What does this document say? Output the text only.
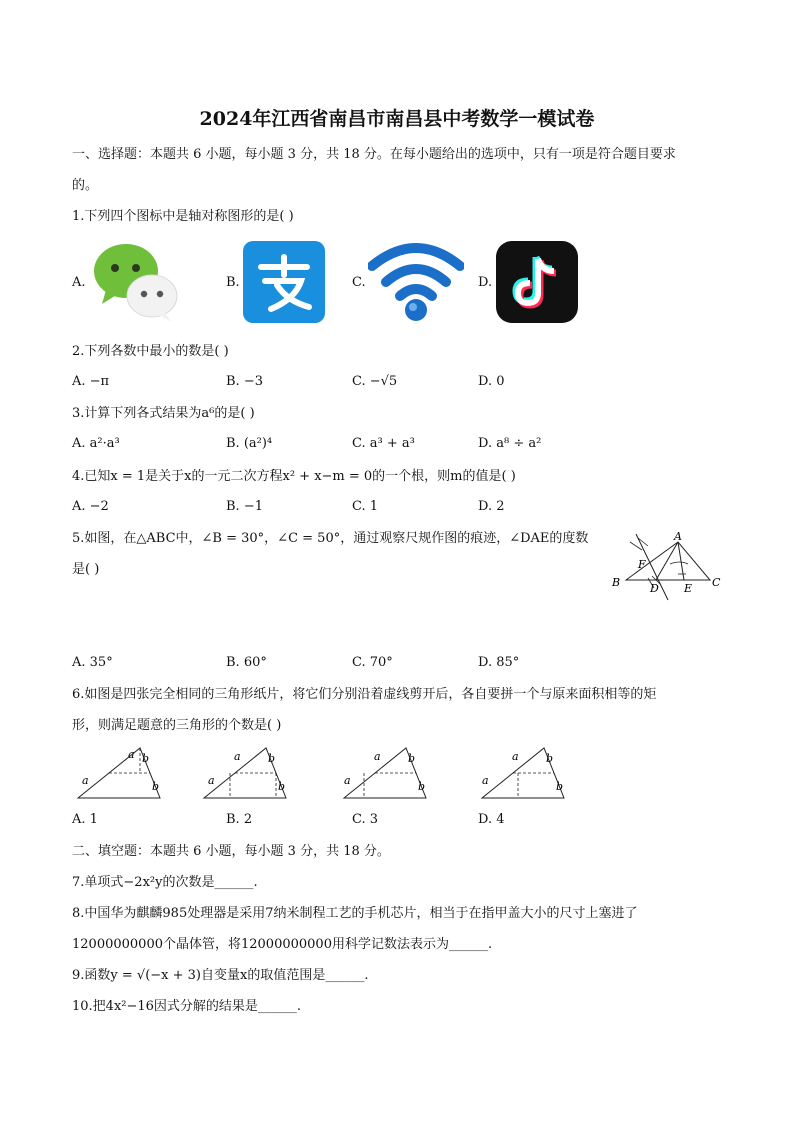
2024年江西省南昌市南昌县中考数学一模试卷
一、选择题：本题共 6 小题，每小题 3 分，共 18 分。在每小题给出的选项中，只有一项是符合题目要求
的。
1.下列四个图标中是轴对称图形的是( )
A.	B.	C.	D.
2.下列各数中最小的数是( )
A. −π	B. −3	C. −√5	D. 0
3.计算下列各式结果为a⁶的是( )
A. a²·a³	B. (a²)⁴	C. a³ + a³	D. a⁸ ÷ a²
4.已知x = 1是关于x的一元二次方程x² + x−m = 0的一个根，则m的值是( )
A. −2	B. −1	C. 1	D. 2
5.如图，在△ABC中，∠B = 30°，∠C = 50°，通过观察尺规作图的痕迹，∠DAE的度数
是( )
A
B	C
D E
F
A. 35°	B. 60°	C. 70°	D. 85°
6.如图是四张完全相同的三角形纸片，将它们分别沿着虚线剪开后，各自要拼一个与原来面积相等的矩
形，则满足题意的三角形的个数是( )
a b
a	b
a b
a	b
a b
a	b
a b
a	b
A. 1	B. 2	C. 3	D. 4
二、填空题：本题共 6 小题，每小题 3 分，共 18 分。
7.单项式−2x²y的次数是______.
8.中国华为麒麟985处理器是采用7纳米制程工艺的手机芯片，相当于在指甲盖大小的尺寸上塞进了
12000000000个晶体管，将12000000000用科学记数法表示为______.
9.函数y = √(−x + 3)自变量x的取值范围是______.
10.把4x²−16因式分解的结果是______.
